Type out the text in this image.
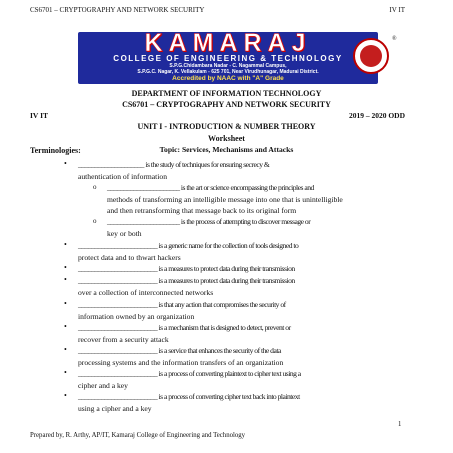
CS6701 – CRYPTOGRAPHY AND NETWORK SECURITY	IV IT
KAMARAJ
COLLEGE OF ENGINEERING & TECHNOLOGY
S.P.G.Chidambara Nadar - C. Nagammal Campus,
S.P.G.C. Nagar, K. Vellakulam - 625 701, Near Virudhunagar, Madurai District.
Accredited by NAAC with "A" Grade
®
DEPARTMENT OF INFORMATION TECHNOLOGY
CS6701 – CRYPTOGRAPHY AND NETWORK SECURITY
IV IT	2019 – 2020 ODD
UNIT I - INTRODUCTION & NUMBER THEORY
Worksheet
Topic: Services, Mechanisms and Attacks
Terminologies:
• ____________________ is the study of techniques for ensuring secrecy &
authentication of information
o ______________________ is the art or science encompassing the principles and
methods of transforming an intelligible message into one that is unintelligible
and then retransforming that message back to its original form
o ______________________ is the process of attempting to discover message or
key or both
• ________________________ is a generic name for the collection of tools designed to
protect data and to thwart hackers
• ________________________ is a measures to protect data during their transmission
• ________________________ is a measures to protect data during their transmission
over a collection of interconnected networks
• ________________________ is that any action that compromises the security of
information owned by an organization
• ________________________ is a mechanism that is designed to detect, prevent or
recover from a security attack
• ________________________ is a service that enhances the security of the data
processing systems and the information transfers of an organization
• ________________________ is a process of converting plaintext to cipher text using a
cipher and a key
• ________________________ is a process of converting cipher text back into plaintext
using a cipher and a key
1
Prepared by, R. Arthy, AP/IT, Kamaraj College of Engineering and Technology
